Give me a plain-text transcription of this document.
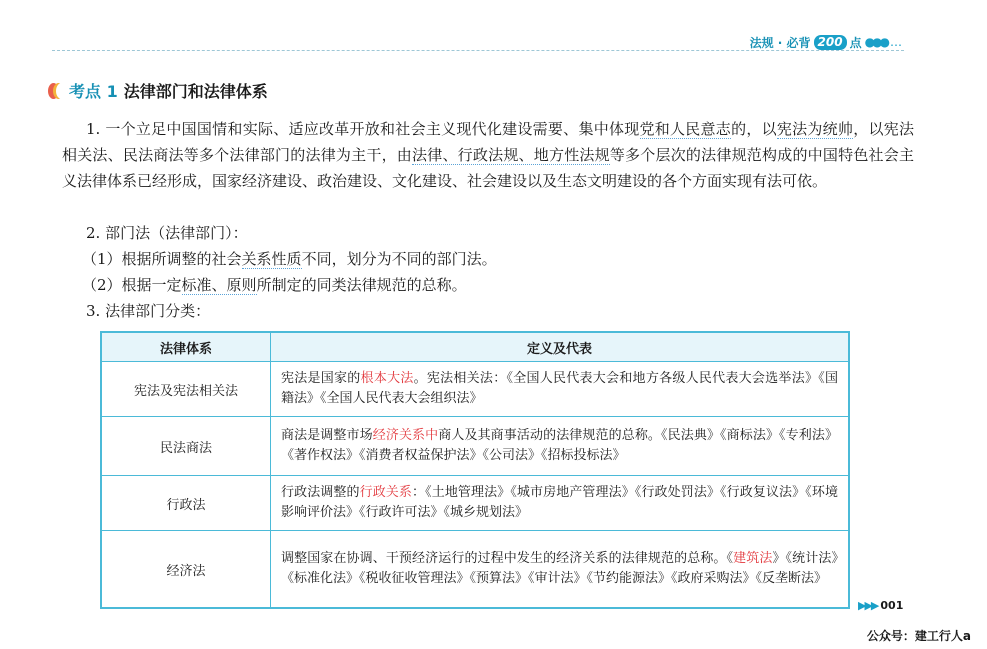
法规 · 必背 200 点 ●●● …
考点 1 法律部门和法律体系

1. 一个立足中国国情和实际、适应改革开放和社会主义现代化建设需要、集中体现党和人民意志的，以宪法为统帅，以宪法相关法、民法商法等多个法律部门的法律为主干，由法律、行政法规、地方性法规等多个层次的法律规范构成的中国特色社会主义法律体系已经形成，国家经济建设、政治建设、文化建设、社会建设以及生态文明建设的各个方面实现有法可依。

2. 部门法（法律部门）：
（1）根据所调整的社会关系性质不同，划分为不同的部门法。
（2）根据一定标准、原则所制定的同类法律规范的总称。
3. 法律部门分类：
法律体系	定义及代表
宪法及宪法相关法	宪法是国家的根本大法。宪法相关法：《全国人民代表大会和地方各级人民代表大会选举法》《国籍法》《全国人民代表大会组织法》
民法商法	商法是调整市场经济关系中商人及其商事活动的法律规范的总称。《民法典》《商标法》《专利法》《著作权法》《消费者权益保护法》《公司法》《招标投标法》
行政法	行政法调整的行政关系：《土地管理法》《城市房地产管理法》《行政处罚法》《行政复议法》《环境影响评价法》《行政许可法》《城乡规划法》
经济法	调整国家在协调、干预经济运行的过程中发生的经济关系的法律规范的总称。《建筑法》《统计法》《标准化法》《税收征收管理法》《预算法》《审计法》《节约能源法》《政府采购法》《反垄断法》
▶▶▶ 001
公众号：建工行人a
